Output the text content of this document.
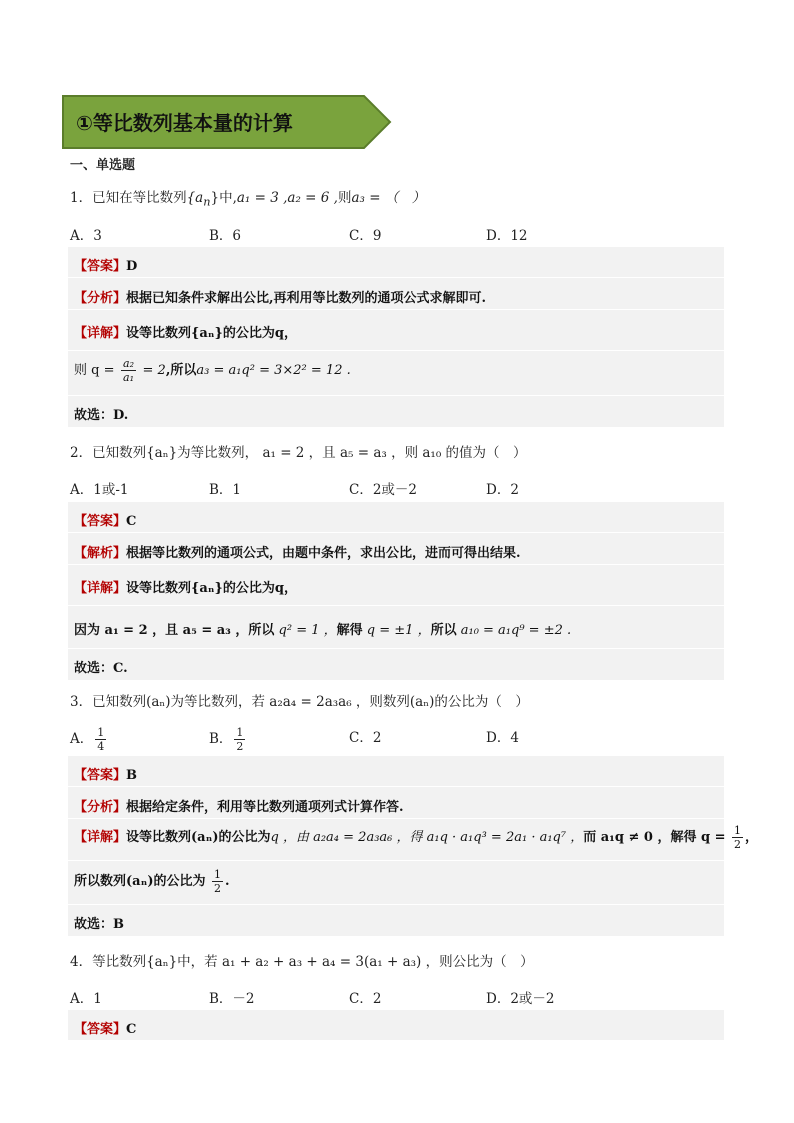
①等比数列基本量的计算
一、单选题
1．已知在等比数列$\{a_n\}$中,a₁ = 3 ,a₂ = 6 ,则a₃ = （　）
A．3	B．6	C．9	D．12
【答案】D
【分析】根据已知条件求解出公比,再利用等比数列的通项公式求解即可.
【详解】设等比数列{aₙ}的公比为q，
则 $q = \frac{\text{a₂}}{\text{a₁}} = 2$,所以a₃ = a₁q² = 3×2² = 12 .
故选：D.
2．已知数列{aₙ}为等比数列， a₁ = 2 ，且 a₅ = a₃ ，则 a₁₀ 的值为（　）
A．1或-1	B．1	C．2或－2	D．2
【答案】C
【解析】根据等比数列的通项公式，由题中条件，求出公比，进而可得出结果.
【详解】设等比数列{aₙ}的公比为q，
因为 a₁ = 2 ，且 a₅ = a₃ ，所以 q² = 1 ，解得 q = ±1 ，所以 a₁₀ = a₁q⁹ = ±2 .
故选：C.
3．已知数列(aₙ)为等比数列，若 a₂a₄ = 2a₃a₆ ，则数列(aₙ)的公比为（　）
A． $\frac{1}{4}$	B． $\frac{1}{2}$	C．2	D．4
【答案】B
【分析】根据给定条件，利用等比数列通项列式计算作答.
【详解】设等比数列(aₙ)的公比为q ，由 a₂a₄ = 2a₃a₆ ，得 a₁q · a₁q³ = 2a₁ · a₁q⁷ ，而 a₁q ≠ 0 ，解得 $q = \frac{1}{2}$ ，
所以数列(aₙ)的公比为 $\frac{1}{2}$ .
故选：B
4．等比数列{aₙ}中，若 a₁ + a₂ + a₃ + a₄ = 3(a₁ + a₃) ，则公比为（　）
A．1	B．－2	C．2	D．2或－2
【答案】C
